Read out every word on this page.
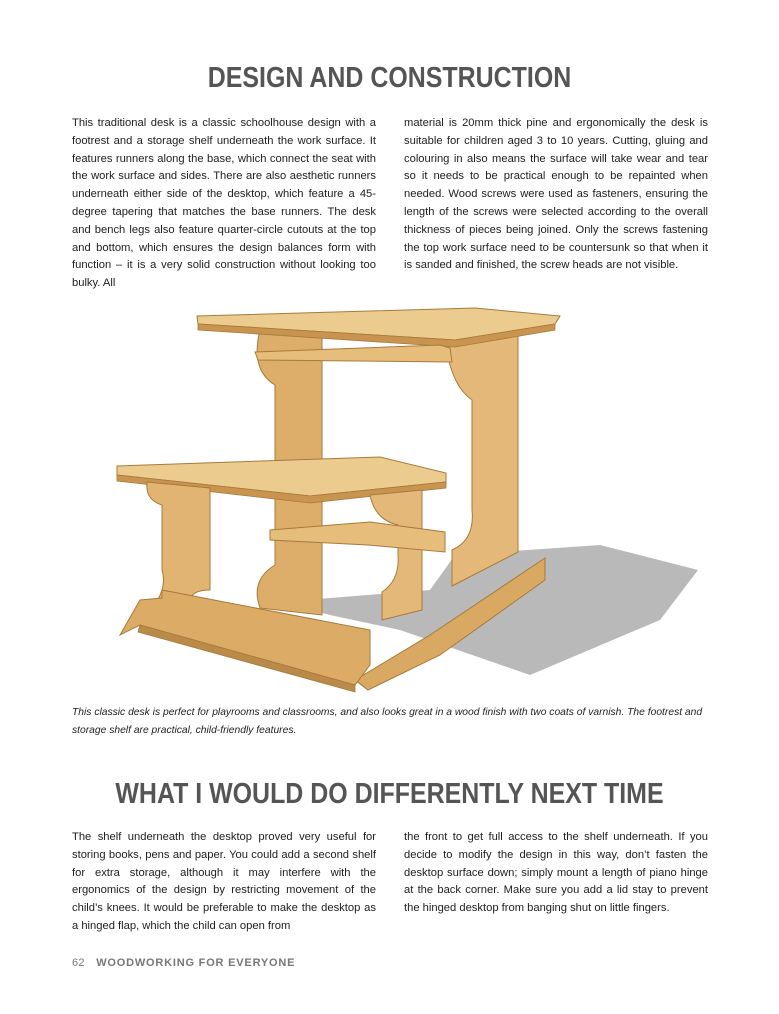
DESIGN AND CONSTRUCTION

This traditional desk is a classic schoolhouse design with a footrest and a storage shelf underneath the work surface. It features runners along the base, which connect the seat with the work surface and sides. There are also aesthetic runners underneath either side of the desktop, which feature a 45-degree tapering that matches the base runners. The desk and bench legs also feature quarter-circle cutouts at the top and bottom, which ensures the design balances form with function – it is a very solid construction without looking too bulky. All

material is 20mm thick pine and ergonomically the desk is suitable for children aged 3 to 10 years. Cutting, gluing and colouring in also means the surface will take wear and tear so it needs to be practical enough to be repainted when needed. Wood screws were used as fasteners, ensuring the length of the screws were selected according to the overall thickness of pieces being joined. Only the screws fastening the top work surface need to be countersunk so that when it is sanded and finished, the screw heads are not visible.

This classic desk is perfect for playrooms and classrooms, and also looks great in a wood finish with two coats of varnish. The footrest and storage shelf are practical, child-friendly features.

WHAT I WOULD DO DIFFERENTLY NEXT TIME

The shelf underneath the desktop proved very useful for storing books, pens and paper. You could add a second shelf for extra storage, although it may interfere with the ergonomics of the design by restricting movement of the child’s knees. It would be preferable to make the desktop as a hinged flap, which the child can open from

the front to get full access to the shelf underneath. If you decide to modify the design in this way, don’t fasten the desktop surface down; simply mount a length of piano hinge at the back corner. Make sure you add a lid stay to prevent the hinged desktop from banging shut on little fingers.

62 WOODWORKING FOR EVERYONE
